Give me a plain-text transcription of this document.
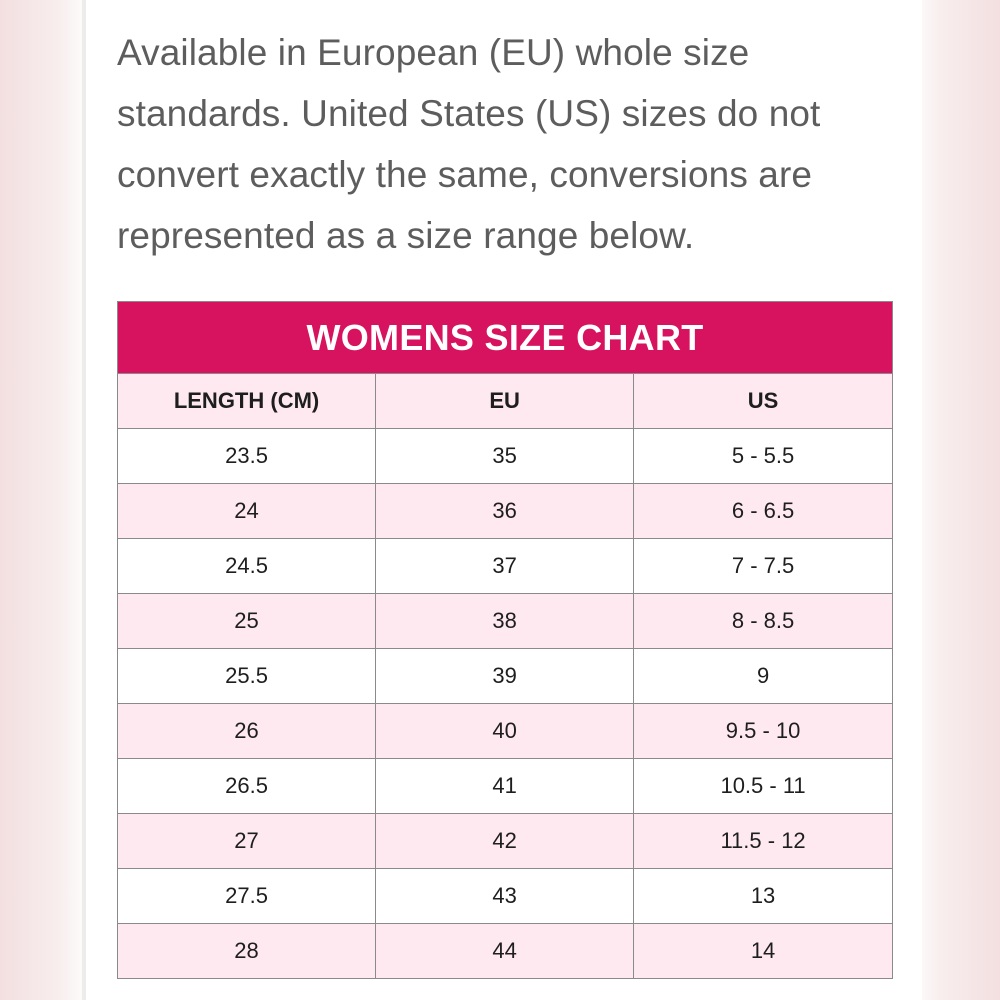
Available in European (EU) whole size standards. United States (US) sizes do not convert exactly the same, conversions are represented as a size range below.

WOMENS SIZE CHART		
LENGTH (CM)	EU	US
23.5	35	5 - 5.5
24	36	6 - 6.5
24.5	37	7 - 7.5
25	38	8 - 8.5
25.5	39	9
26	40	9.5 - 10
26.5	41	10.5 - 11
27	42	11.5 - 12
27.5	43	13
28	44	14
